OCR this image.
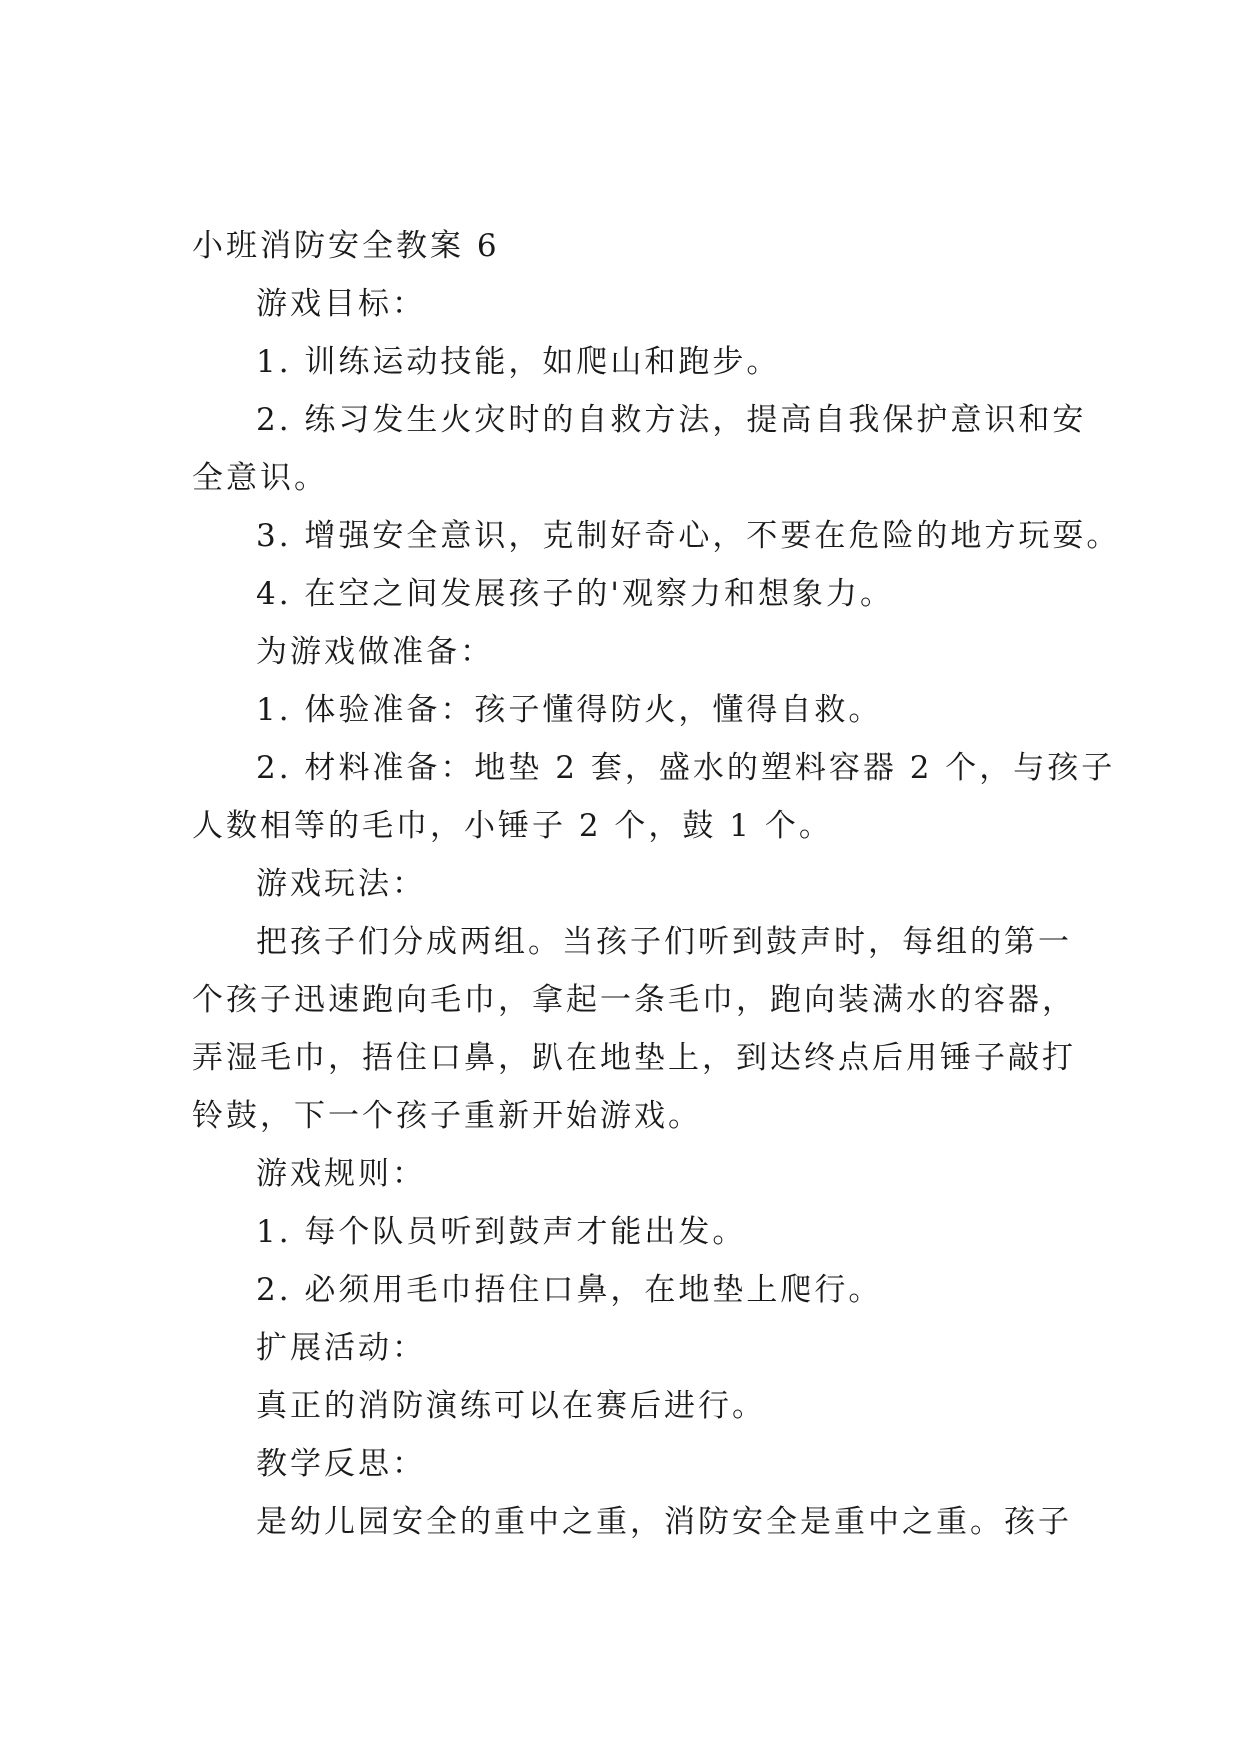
小班消防安全教案 6

游戏目标：

1. 训练运动技能，如爬山和跑步。

2. 练习发生火灾时的自救方法，提高自我保护意识和安

全意识。

3. 增强安全意识，克制好奇心，不要在危险的地方玩耍。

4. 在空之间发展孩子的'观察力和想象力。

为游戏做准备：

1. 体验准备：孩子懂得防火，懂得自救。

2. 材料准备：地垫 2 套，盛水的塑料容器 2 个，与孩子

人数相等的毛巾，小锤子 2 个，鼓 1 个。

游戏玩法：

把孩子们分成两组。当孩子们听到鼓声时，每组的第一

个孩子迅速跑向毛巾，拿起一条毛巾，跑向装满水的容器，

弄湿毛巾，捂住口鼻，趴在地垫上，到达终点后用锤子敲打

铃鼓，下一个孩子重新开始游戏。

游戏规则：

1. 每个队员听到鼓声才能出发。

2. 必须用毛巾捂住口鼻，在地垫上爬行。

扩展活动：

真正的消防演练可以在赛后进行。

教学反思：

是幼儿园安全的重中之重，消防安全是重中之重。孩子
